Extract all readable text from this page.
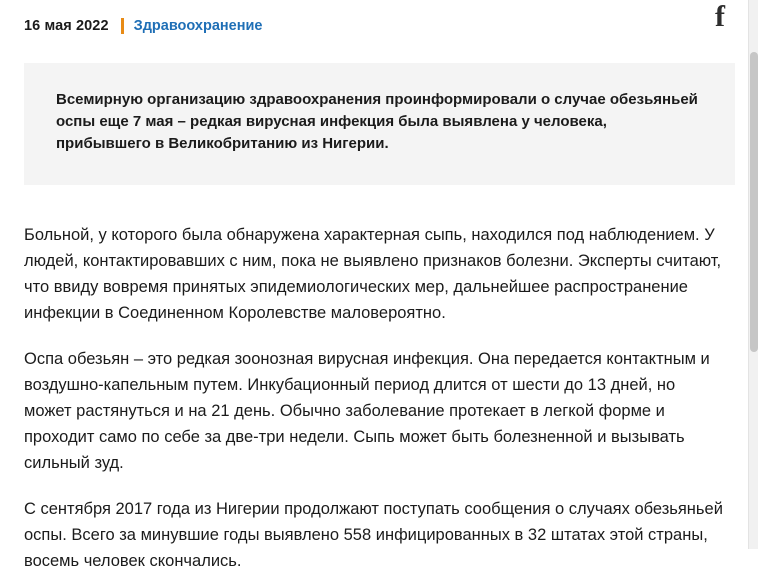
f
16 мая 2022 Здравоохранение

Всемирную организацию здравоохранения проинформировали о случае обезьяньей оспы еще 7 мая – редкая вирусная инфекция была выявлена у человека, прибывшего в Великобританию из Нигерии.

Больной, у которого была обнаружена характерная сыпь, находился под наблюдением. У людей, контактировавших с ним, пока не выявлено признаков болезни. Эксперты считают, что ввиду вовремя принятых эпидемиологических мер, дальнейшее распространение инфекции в Соединенном Королевстве маловероятно.

Оспа обезьян – это редкая зоонозная вирусная инфекция. Она передается контактным и воздушно-капельным путем. Инкубационный период длится от шести до 13 дней, но может растянуться и на 21 день. Обычно заболевание протекает в легкой форме и проходит само по себе за две-три недели. Сыпь может быть болезненной и вызывать сильный зуд.

С сентября 2017 года из Нигерии продолжают поступать сообщения о случаях обезьяньей оспы. Всего за минувшие годы выявлено 558 инфицированных в 32 штатах этой страны, восемь человек скончались.
